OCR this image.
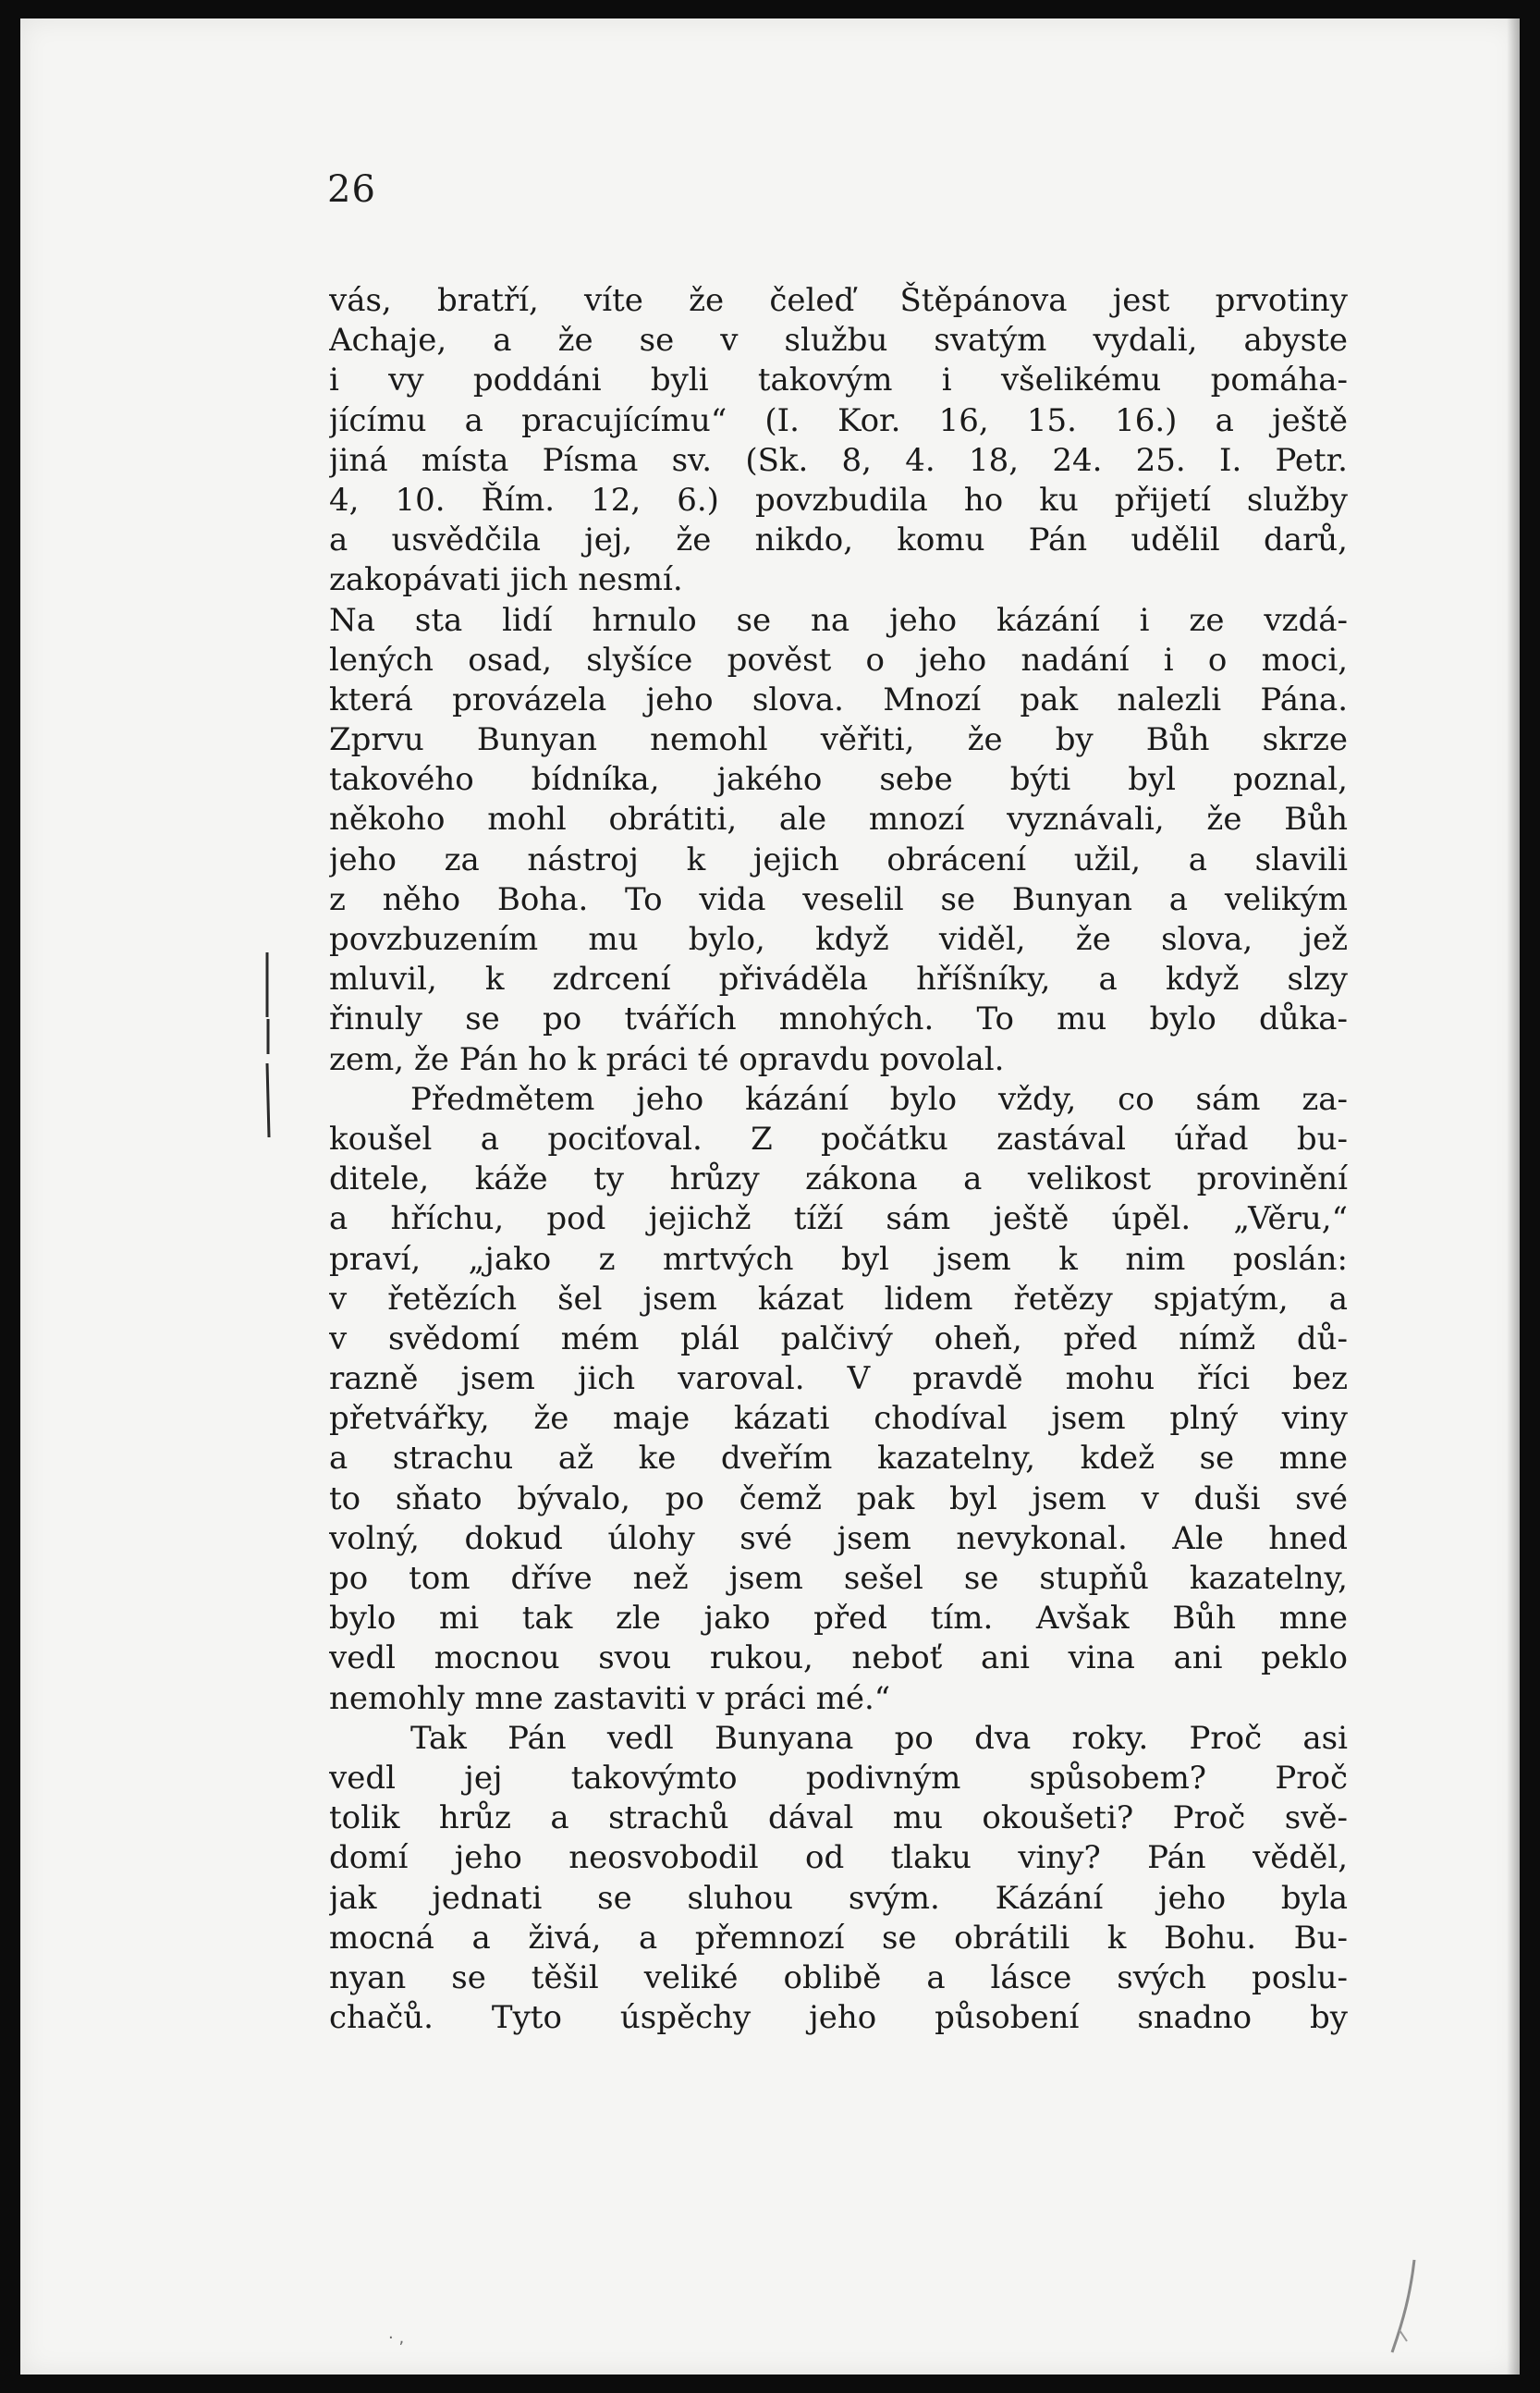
26
vás, bratří, víte že čeleď Štěpánova jest prvotiny
Achaje, a že se v službu svatým vydali, abyste
i vy poddáni byli takovým i všelikému pomáha-
jícímu a pracujícímu“ (I. Kor. 16, 15. 16.) a ještě
jiná místa Písma sv. (Sk. 8, 4. 18, 24. 25. I. Petr.
4, 10. Řím. 12, 6.) povzbudila ho ku přijetí služby
a usvědčila jej, že nikdo, komu Pán udělil darů,
zakopávati jich nesmí.
Na sta lidí hrnulo se na jeho kázání i ze vzdá-
lených osad, slyšíce pověst o jeho nadání i o moci,
která provázela jeho slova. Mnozí pak nalezli Pána.
Zprvu Bunyan nemohl věřiti, že by Bůh skrze
takového bídníka, jakého sebe býti byl poznal,
někoho mohl obrátiti, ale mnozí vyznávali, že Bůh
jeho za nástroj k jejich obrácení užil, a slavili
z něho Boha. To vida veselil se Bunyan a velikým
povzbuzením mu bylo, když viděl, že slova, jež
mluvil, k zdrcení přiváděla hříšníky, a když slzy
řinuly se po tvářích mnohých. To mu bylo důka-
zem, že Pán ho k práci té opravdu povolal.
Předmětem jeho kázání bylo vždy, co sám za-
koušel a pociťoval. Z počátku zastával úřad bu-
ditele, káže ty hrůzy zákona a velikost provinění
a hříchu, pod jejichž tíží sám ještě úpěl. „Věru,“
praví, „jako z mrtvých byl jsem k nim poslán:
v řetězích šel jsem kázat lidem řetězy spjatým, a
v svědomí mém plál palčivý oheň, před nímž dů-
razně jsem jich varoval. V pravdě mohu říci bez
přetvářky, že maje kázati chodíval jsem plný viny
a strachu až ke dveřím kazatelny, kdež se mne
to sňato bývalo, po čemž pak byl jsem v duši své
volný, dokud úlohy své jsem nevykonal. Ale hned
po tom dříve než jsem sešel se stupňů kazatelny,
bylo mi tak zle jako před tím. Avšak Bůh mne
vedl mocnou svou rukou, neboť ani vina ani peklo
nemohly mne zastaviti v práci mé.“
Tak Pán vedl Bunyana po dva roky. Proč asi
vedl jej takovýmto podivným spůsobem? Proč
tolik hrůz a strachů dával mu okoušeti? Proč svě-
domí jeho neosvobodil od tlaku viny? Pán věděl,
jak jednati se sluhou svým. Kázání jeho byla
mocná a živá, a přemnozí se obrátili k Bohu. Bu-
nyan se těšil veliké oblibě a lásce svých poslu-
chačů. Tyto úspěchy jeho působení snadno by
· ,
